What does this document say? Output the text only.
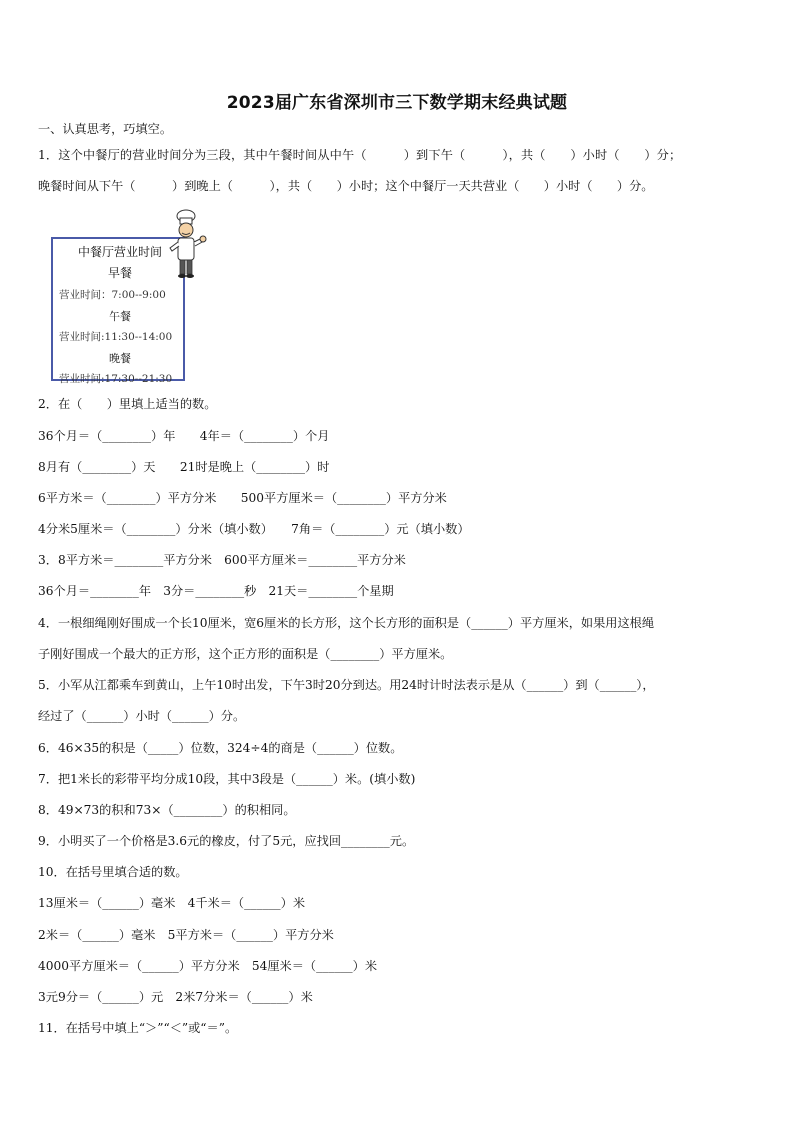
2023届广东省深圳市三下数学期末经典试题
一、认真思考，巧填空。
1．这个中餐厅的营业时间分为三段，其中午餐时间从中午（　　　）到下午（　　　），共（　　）小时（　　）分；
晚餐时间从下午（　　　）到晚上（　　　），共（　　）小时；这个中餐厅一天共营业（　　）小时（　　）分。
中餐厅营业时间
早餐
营业时间：7:00--9:00
午餐
营业时间:11:30--14:00
晚餐
营业时间:17:30--21:30
2．在（　　）里填上适当的数。
36个月＝（________）年　　4年＝（________）个月
8月有（________）天　　21时是晚上（________）时
6平方米＝（________）平方分米　　500平方厘米＝（________）平方分米
4分米5厘米＝（________）分米（填小数）　　7角＝（________）元（填小数）
3．8平方米＝________平方分米　600平方厘米＝________平方分米
36个月＝________年　3分＝________秒　21天＝________个星期
4．一根细绳刚好围成一个长10厘米，宽6厘米的长方形，这个长方形的面积是（______）平方厘米，如果用这根绳
子刚好围成一个最大的正方形，这个正方形的面积是（________）平方厘米。
5．小军从江都乘车到黄山，上午10时出发，下午3时20分到达。用24时计时法表示是从（______）到（______），
经过了（______）小时（______）分。
6．46×35的积是（_____）位数，324÷4的商是（______）位数。
7．把1米长的彩带平均分成10段，其中3段是（______）米。(填小数)
8．49×73的积和73×（________）的积相同。
9．小明买了一个价格是3.6元的橡皮，付了5元，应找回________元。
10．在括号里填合适的数。
13厘米＝（______）毫米　4千米＝（______）米
2米＝（______）毫米　5平方米＝（______）平方分米
4000平方厘米＝（______）平方分米　54厘米＝（______）米
3元9分＝（______）元　2米7分米＝（______）米
11．在括号中填上“＞”“＜”或“＝”。
